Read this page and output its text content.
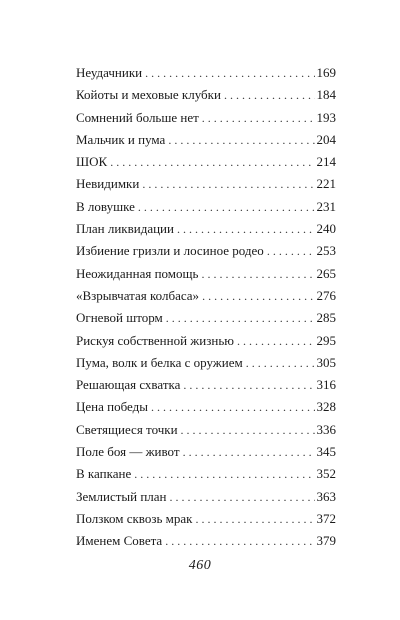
Неудачники . . .	169
Койоты и меховые клубки . . .	184
Сомнений больше нет . . .	193
Мальчик и пума . . .	204
ШОК . . .	214
Невидимки . . .	221
В ловушке . . .	231
План ликвидации . . .	240
Избиение гризли и лосиное родео . . .	253
Неожиданная помощь . . .	265
«Взрывчатая колбаса» . . .	276
Огневой шторм . . .	285
Рискуя собственной жизнью . . .	295
Пума, волк и белка с оружием . . .	305
Решающая схватка . . .	316
Цена победы . . .	328
Светящиеся точки . . .	336
Поле боя — живот . . .	345
В капкане . . .	352
Землистый план . . .	363
Ползком сквозь мрак . . .	372
Именем Совета . . .	379
460
